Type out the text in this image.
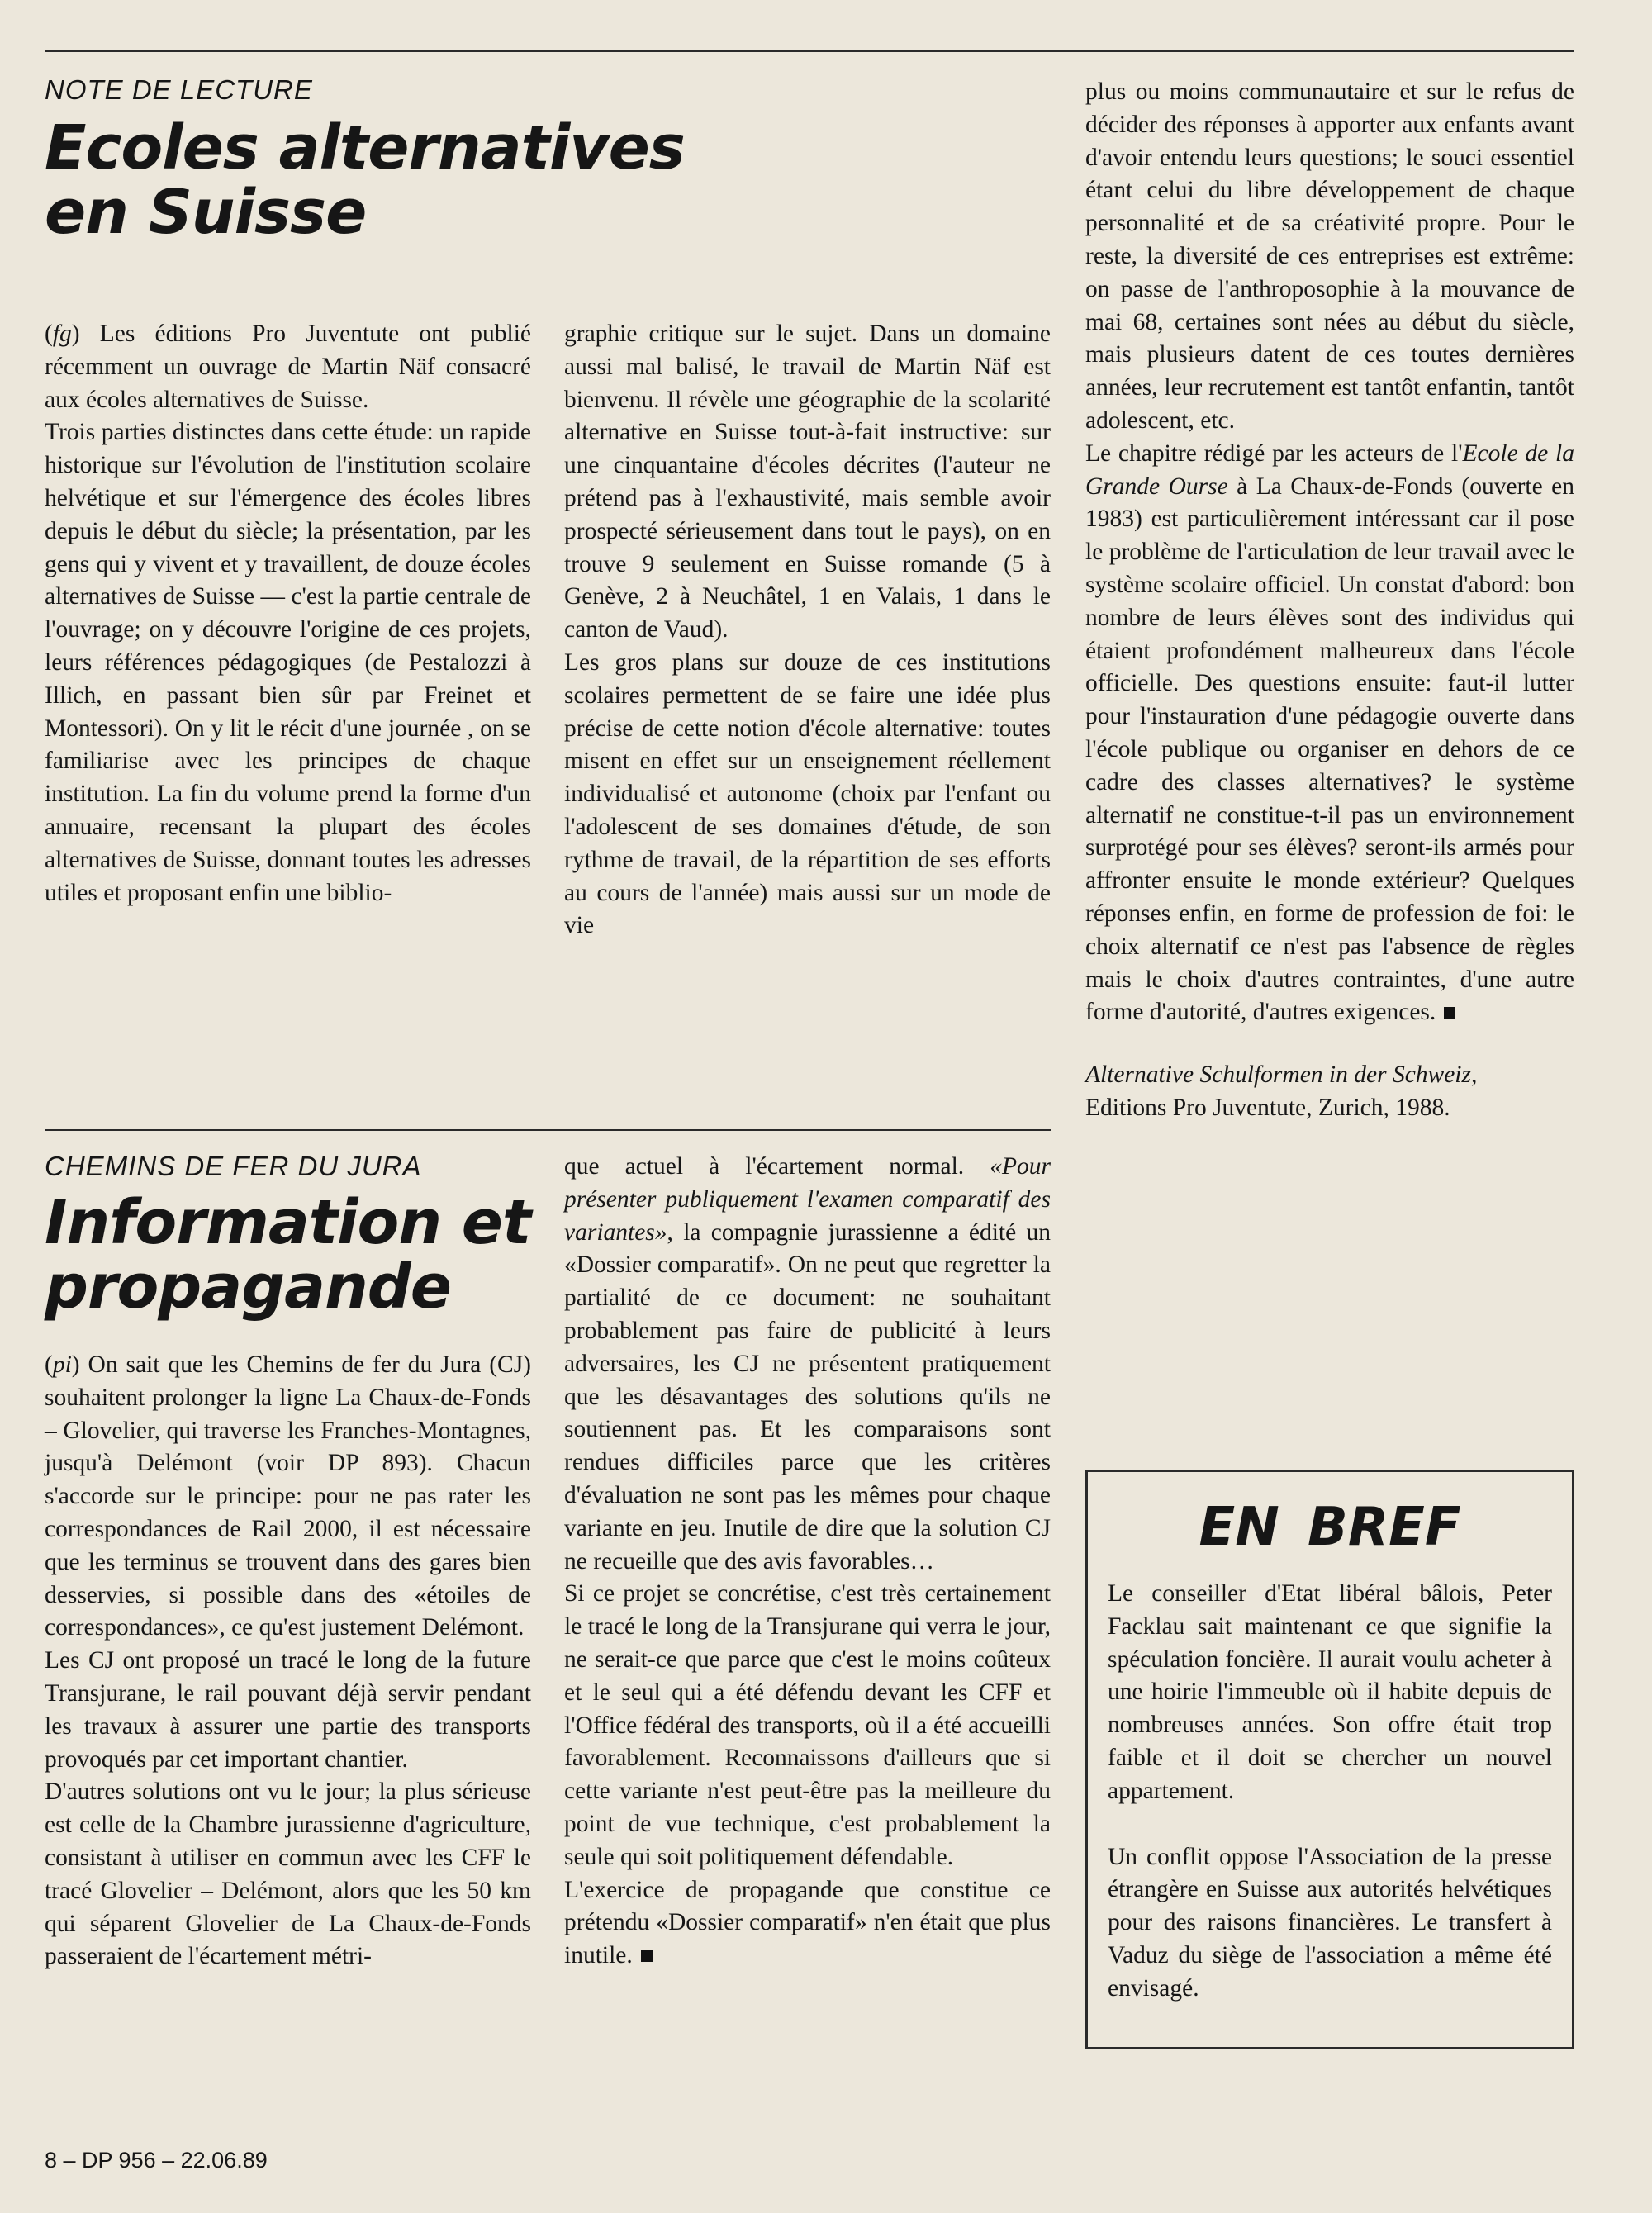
NOTE DE LECTURE
Ecoles alternatives
en Suisse

(fg) Les éditions Pro Juventute ont publié récemment un ouvrage de Martin Näf consacré aux écoles alternatives de Suisse.

Trois parties distinctes dans cette étude: un rapide historique sur l'évolution de l'institution scolaire helvétique et sur l'émergence des écoles libres depuis le début du siècle; la présentation, par les gens qui y vivent et y travaillent, de douze écoles alternatives de Suisse — c'est la partie centrale de l'ouvrage; on y découvre l'origine de ces projets, leurs références pédagogiques (de Pestalozzi à Illich, en passant bien sûr par Freinet et Montessori). On y lit le récit d'une journée , on se familiarise avec les principes de chaque institution. La fin du volume prend la forme d'un annuaire, recensant la plupart des écoles alternatives de Suisse, donnant toutes les adresses utiles et proposant enfin une biblio-

graphie critique sur le sujet. Dans un domaine aussi mal balisé, le travail de Martin Näf est bienvenu. Il révèle une géographie de la scolarité alternative en Suisse tout-à-fait instructive: sur une cinquantaine d'écoles décrites (l'auteur ne prétend pas à l'exhaustivité, mais semble avoir prospecté sérieusement dans tout le pays), on en trouve 9 seulement en Suisse romande (5 à Genève, 2 à Neuchâtel, 1 en Valais, 1 dans le canton de Vaud).

Les gros plans sur douze de ces institutions scolaires permettent de se faire une idée plus précise de cette notion d'école alternative: toutes misent en effet sur un enseignement réellement individualisé et autonome (choix par l'enfant ou l'adolescent de ses domaines d'étude, de son rythme de travail, de la répartition de ses efforts au cours de l'année) mais aussi sur un mode de vie

plus ou moins communautaire et sur le refus de décider des réponses à apporter aux enfants avant d'avoir entendu leurs questions; le souci essentiel étant celui du libre développement de chaque personnalité et de sa créativité propre. Pour le reste, la diversité de ces entreprises est extrême: on passe de l'anthroposophie à la mouvance de mai 68, certaines sont nées au début du siècle, mais plusieurs datent de ces toutes dernières années, leur recrutement est tantôt enfantin, tantôt adolescent, etc.

Le chapitre rédigé par les acteurs de l'Ecole de la Grande Ourse à La Chaux-de-Fonds (ouverte en 1983) est particulièrement intéressant car il pose le problème de l'articulation de leur travail avec le système scolaire officiel. Un constat d'abord: bon nombre de leurs élèves sont des individus qui étaient profondément malheureux dans l'école officielle. Des questions ensuite: faut-il lutter pour l'instauration d'une pédagogie ouverte dans l'école publique ou organiser en dehors de ce cadre des classes alternatives? le système alternatif ne constitue-t-il pas un environnement surprotégé pour ses élèves? seront-ils armés pour affronter ensuite le monde extérieur? Quelques réponses enfin, en forme de profession de foi: le choix alternatif ce n'est pas l'absence de règles mais le choix d'autres contraintes, d'une autre forme d'autorité, d'autres exigences.

Alternative Schulformen in der Schweiz,
Editions Pro Juventute, Zurich, 1988.

CHEMINS DE FER DU JURA
Information et
propagande

(pi) On sait que les Chemins de fer du Jura (CJ) souhaitent prolonger la ligne La Chaux-de-Fonds – Glovelier, qui traverse les Franches-Montagnes, jusqu'à Delémont (voir DP 893). Chacun s'accorde sur le principe: pour ne pas rater les correspondances de Rail 2000, il est nécessaire que les terminus se trouvent dans des gares bien desservies, si possible dans des «étoiles de correspondances», ce qu'est justement Delémont.

Les CJ ont proposé un tracé le long de la future Transjurane, le rail pouvant déjà servir pendant les travaux à assurer une partie des transports provoqués par cet important chantier.

D'autres solutions ont vu le jour; la plus sérieuse est celle de la Chambre jurassienne d'agriculture, consistant à utiliser en commun avec les CFF le tracé Glovelier – Delémont, alors que les 50 km qui séparent Glovelier de La Chaux-de-Fonds passeraient de l'écartement métri-

que actuel à l'écartement normal. «Pour présenter publiquement l'examen comparatif des variantes», la compagnie jurassienne a édité un «Dossier comparatif». On ne peut que regretter la partialité de ce document: ne souhaitant probablement pas faire de publicité à leurs adversaires, les CJ ne présentent pratiquement que les désavantages des solutions qu'ils ne soutiennent pas. Et les comparaisons sont rendues difficiles parce que les critères d'évaluation ne sont pas les mêmes pour chaque variante en jeu. Inutile de dire que la solution CJ ne recueille que des avis favorables…

Si ce projet se concrétise, c'est très certainement le tracé le long de la Transjurane qui verra le jour, ne serait-ce que parce que c'est le moins coûteux et le seul qui a été défendu devant les CFF et l'Office fédéral des transports, où il a été accueilli favorablement. Reconnaissons d'ailleurs que si cette variante n'est peut-être pas la meilleure du point de vue technique, c'est probablement la seule qui soit politiquement défendable.

L'exercice de propagande que constitue ce prétendu «Dossier comparatif» n'en était que plus inutile.

EN BREF

Le conseiller d'Etat libéral bâlois, Peter Facklau sait maintenant ce que signifie la spéculation foncière. Il aurait voulu acheter à une hoirie l'immeuble où il habite depuis de nombreuses années. Son offre était trop faible et il doit se chercher un nouvel appartement.

Un conflit oppose l'Association de la presse étrangère en Suisse aux autorités helvétiques pour des raisons financières. Le transfert à Vaduz du siège de l'association a même été envisagé.

8 – DP 956 – 22.06.89
